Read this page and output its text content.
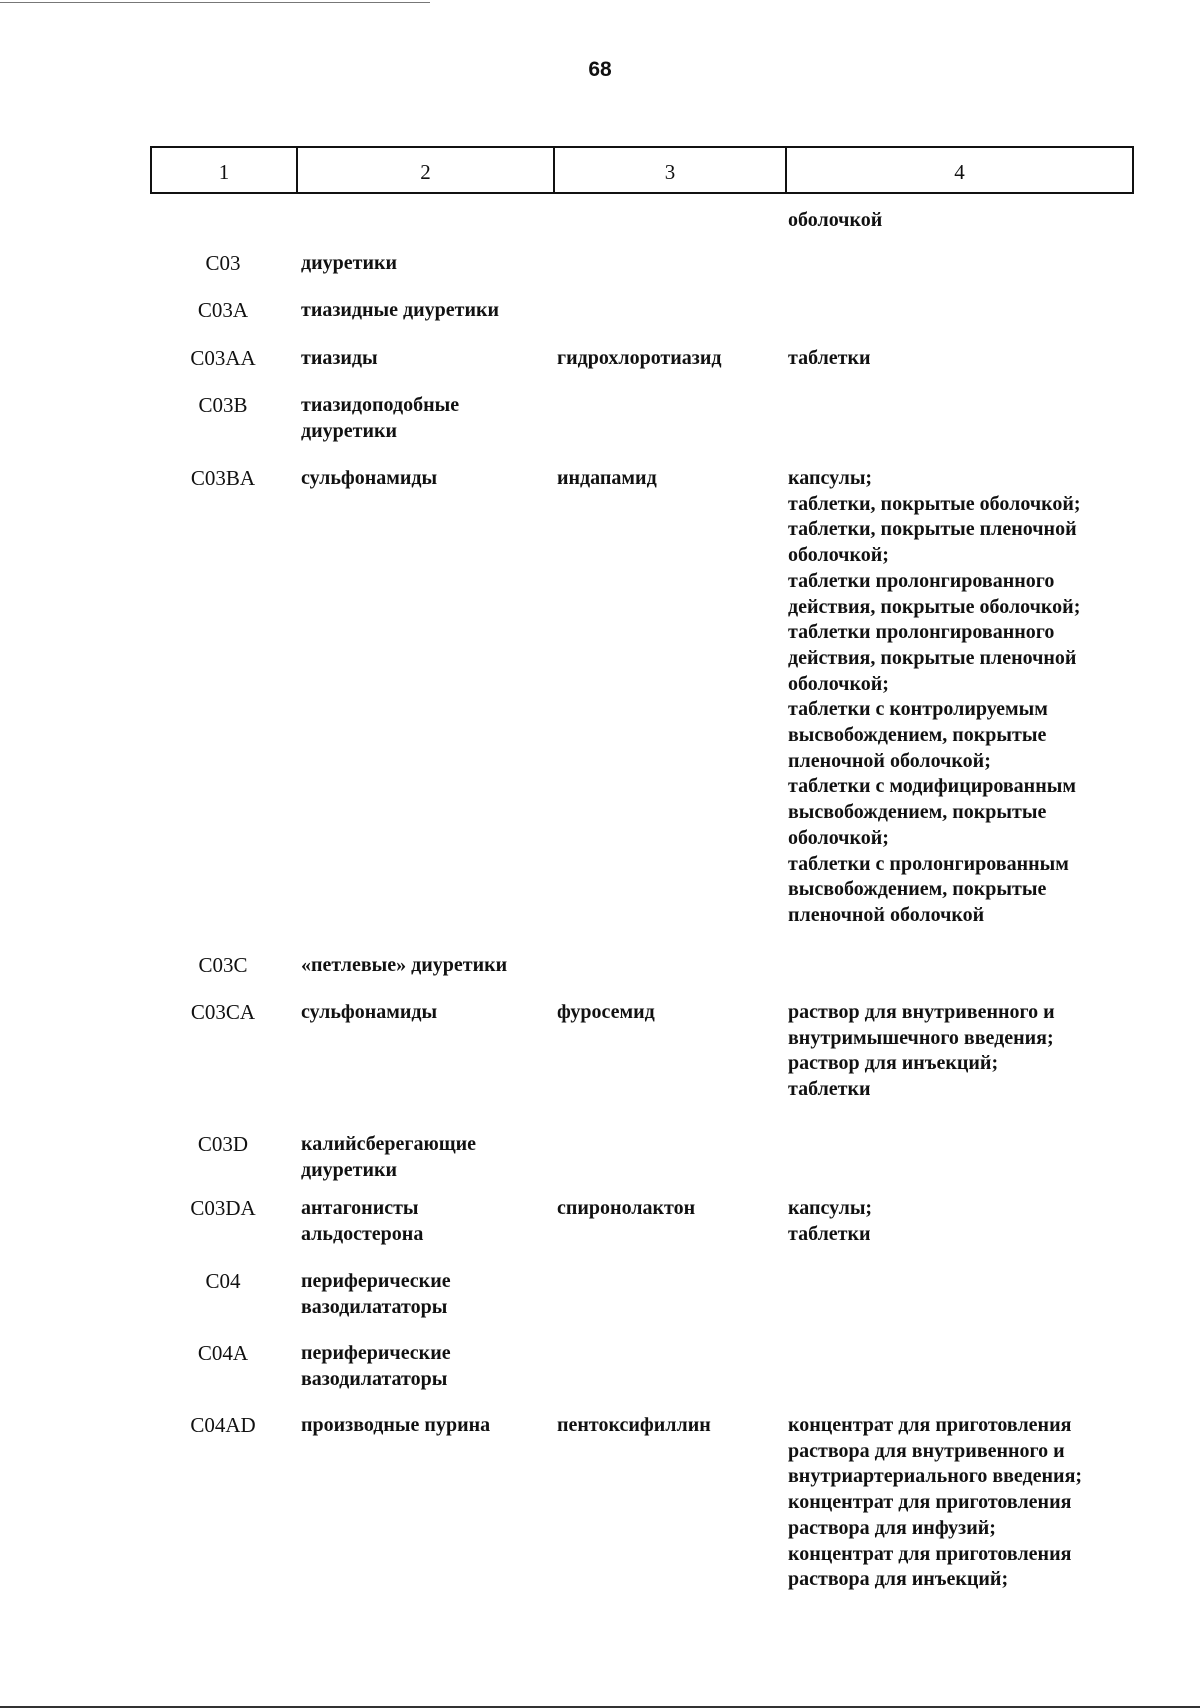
68
1	2	3	4
оболочкой
C03	диуретики
C03A	тиазидные диуретики
C03AA	тиазиды	гидрохлоротиазид	таблетки
C03B	тиазидоподобные
диуретики
C03BA	сульфонамиды	индапамид	капсулы;
таблетки, покрытые оболочкой;
таблетки, покрытые пленочной
оболочкой;
таблетки пролонгированного
действия, покрытые оболочкой;
таблетки пролонгированного
действия, покрытые пленочной
оболочкой;
таблетки с контролируемым
высвобождением, покрытые
пленочной оболочкой;
таблетки с модифицированным
высвобождением, покрытые
оболочкой;
таблетки с пролонгированным
высвобождением, покрытые
пленочной оболочкой
C03C	«петлевые» диуретики
C03CA	сульфонамиды	фуросемид	раствор для внутривенного и
внутримышечного введения;
раствор для инъекций;
таблетки
C03D	калийсберегающие
диуретики
C03DA	антагонисты
альдостерона
спиронолактон	капсулы;
таблетки
C04	периферические
вазодилататоры
C04A	периферические
вазодилататоры
C04AD	производные пурина	пентоксифиллин	концентрат для приготовления
раствора для внутривенного и
внутриартериального введения;
концентрат для приготовления
раствора для инфузий;
концентрат для приготовления
раствора для инъекций;
